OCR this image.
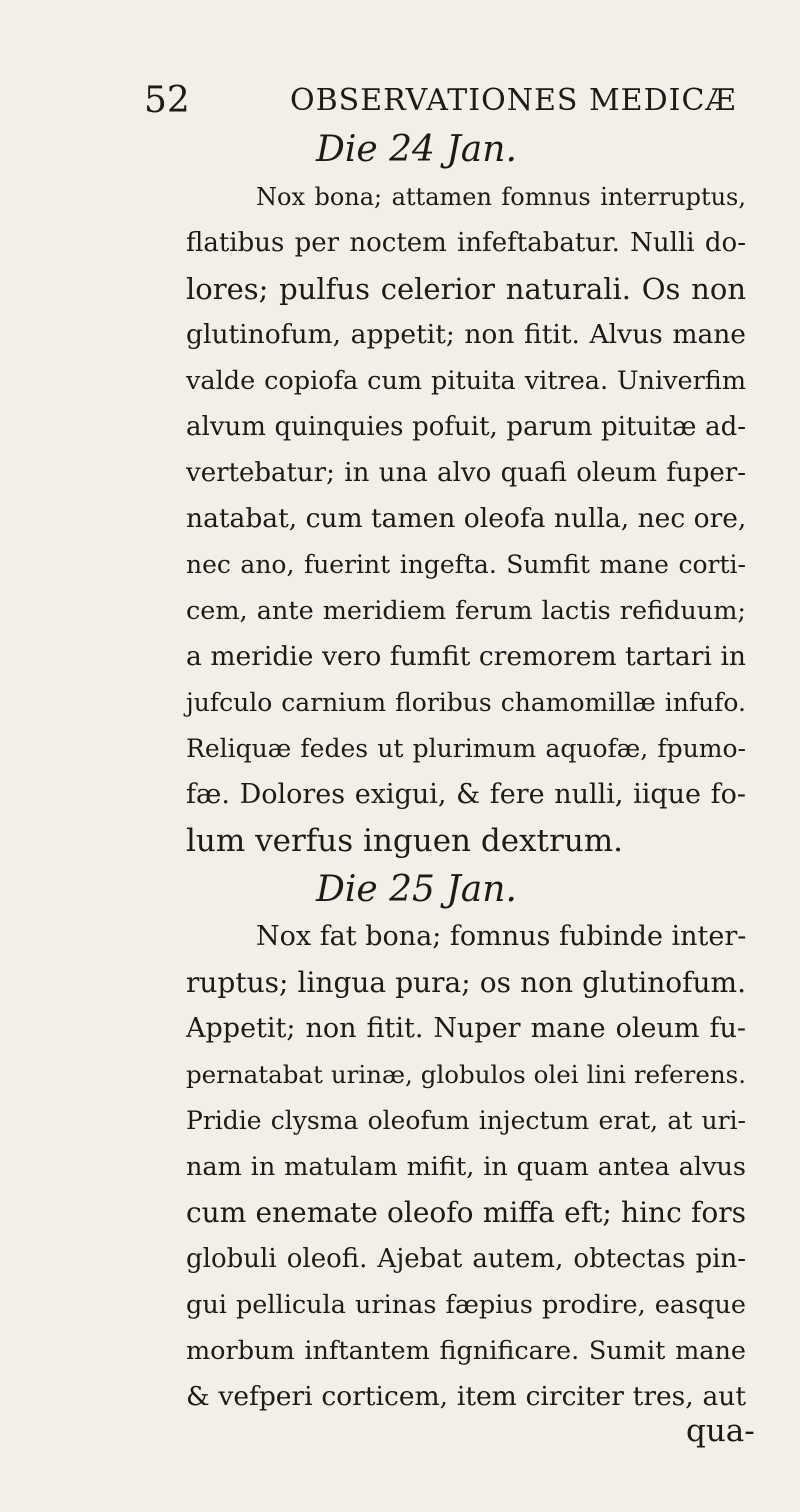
52	OBSERVATIONES MEDICÆ
Die 24 Jan.
Nox bona; attamen fomnus interruptus,
flatibus per noctem infeftabatur. Nulli do-
lores; pulfus celerior naturali. Os non
glutinofum, appetit; non fitit. Alvus mane
valde copiofa cum pituita vitrea. Univerfim
alvum quinquies pofuit, parum pituitæ ad-
vertebatur; in una alvo quafi oleum fuper-
natabat, cum tamen oleofa nulla, nec ore,
nec ano, fuerint ingefta. Sumfit mane corti-
cem, ante meridiem ferum lactis refiduum;
a meridie vero fumfit cremorem tartari in
jufculo carnium floribus chamomillæ infufo.
Reliquæ fedes ut plurimum aquofæ, fpumo-
fæ. Dolores exigui, & fere nulli, iique fo-
lum verfus inguen dextrum.
Die 25 Jan.
Nox fat bona; fomnus fubinde inter-
ruptus; lingua pura; os non glutinofum.
Appetit; non fitit. Nuper mane oleum fu-
pernatabat urinæ, globulos olei lini referens.
Pridie clysma oleofum injectum erat, at uri-
nam in matulam mifit, in quam antea alvus
cum enemate oleofo miffa eft; hinc fors
globuli oleofi. Ajebat autem, obtectas pin-
gui pellicula urinas fæpius prodire, easque
morbum inftantem fignificare. Sumit mane
& vefperi corticem, item circiter tres, aut
qua-
